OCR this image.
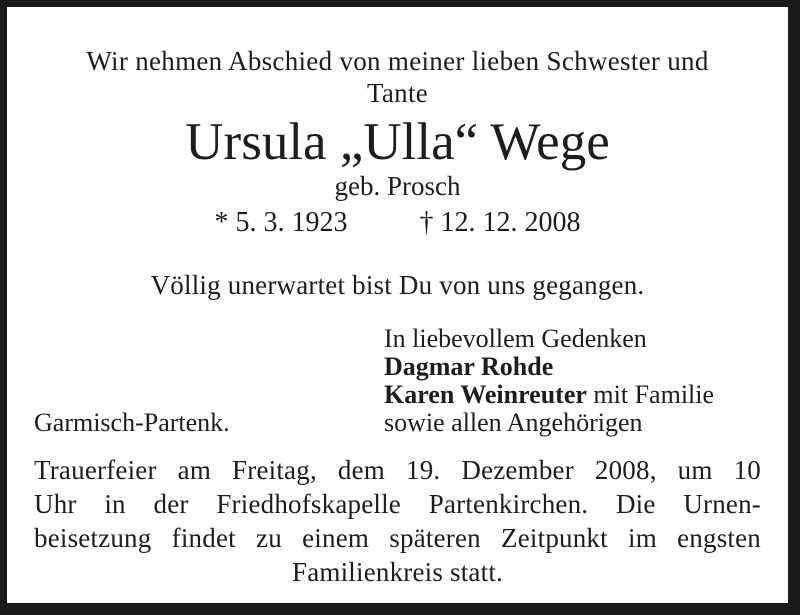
Wir nehmen Abschied von meiner lieben Schwester und
Tante
Ursula „Ulla“ Wege
geb. Prosch
* 5. 3. 1923	† 12. 12. 2008
Völlig unerwartet bist Du von uns gegangen.
Garmisch-Partenk.
In liebevollem Gedenken
Dagmar Rohde
Karen Weinreuter mit Familie
sowie allen Angehörigen
Trauerfeier am Freitag, dem 19. Dezember 2008, um 10
Uhr in der Friedhofskapelle Partenkirchen. Die Urnen-
beisetzung findet zu einem späteren Zeitpunkt im engsten
Familienkreis statt.
